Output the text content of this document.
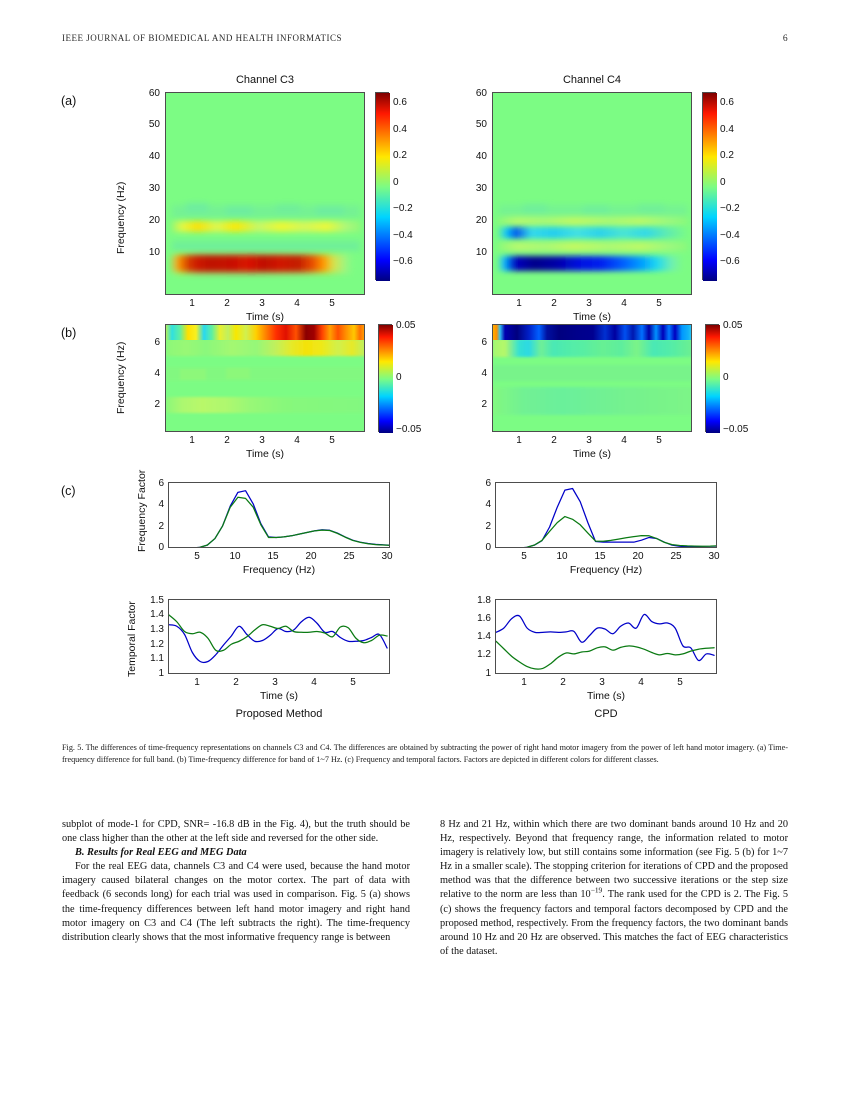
IEEE JOURNAL OF BIOMEDICAL AND HEALTH INFORMATICS	6
(a)
(b)
(c)
Channel C3	Channel C4
60
50
40
30
20
10
Frequency (Hz)
1	2	3	4	5
Time (s)
0.6
0.4
0.2
0
−0.2
−0.4
−0.6
60
50
40
30
20
10
1	2	3	4	5
Time (s)
0.6
0.4
0.2
0
−0.2
−0.4
−0.6
6
4
2
Frequency (Hz)
1	2	3	4	5
Time (s)
0.05
0
−0.05
6
4
2
1	2	3	4	5
Time (s)
0.05
0
−0.05
6
4
2
0
Frequency Factor
5	10	15	20	25	30
Frequency (Hz)
6
4
2
0
5	10	15	20	25	30
Frequency (Hz)
1.5
1.4
1.3
1.2
1.1
1
Temporal Factor
1	2	3	4	5
Time (s)
Proposed Method
1.8
1.6
1.4
1.2
1
1	2	3	4	5
Time (s)
CPD
Fig. 5. The differences of time-frequency representations on channels C3 and C4. The differences are obtained by subtracting the power of right hand motor imagery from the power of left hand motor imagery. (a) Time-frequency difference for full band. (b) Time-frequency difference for band of 1~7 Hz. (c) Frequency and temporal factors. Factors are depicted in different colors for different classes.

subplot of mode-1 for CPD, SNR= -16.8 dB in the Fig. 4), but the truth should be one class higher than the other at the left side and reversed for the other side.

B. Results for Real EEG and MEG Data

For the real EEG data, channels C3 and C4 were used, because the hand motor imagery caused bilateral changes on the motor cortex. The part of data with feedback (6 seconds long) for each trial was used in comparison. Fig. 5 (a) shows the time-frequency differences between left hand motor imagery and right hand motor imagery on C3 and C4 (The left subtracts the right). The time-frequency distribution clearly shows that the most informative frequency range is between

8 Hz and 21 Hz, within which there are two dominant bands around 10 Hz and 20 Hz, respectively. Beyond that frequency range, the information related to motor imagery is relatively low, but still contains some information (see Fig. 5 (b) for 1~7 Hz in a smaller scale). The stopping criterion for iterations of CPD and the proposed method was that the difference between two successive iterations or the step size relative to the norm are less than $10^{-19}$. The rank used for the CPD is 2. The Fig. 5 (c) shows the frequency factors and temporal factors decomposed by CPD and the proposed method, respectively. From the frequency factors, the two dominant bands around 10 Hz and 20 Hz are observed. This matches the fact of EEG characteristics of the dataset.
